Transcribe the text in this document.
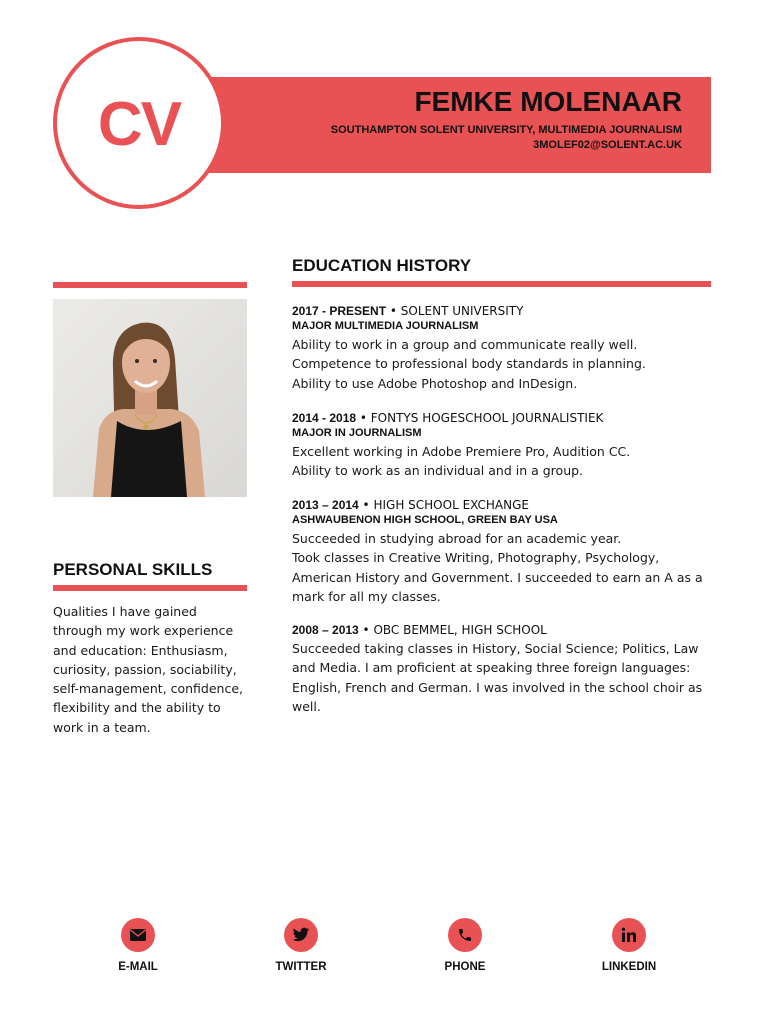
CV	FEMKE MOLENAAR
SOUTHAMPTON SOLENT UNIVERSITY, MULTIMEDIA JOURNALISM
3MOLEF02@SOLENT.AC.UK
PERSONAL SKILLS
Qualities I have gained through my work experience and education: Enthusiasm, curiosity, passion, sociability, self-management, confidence, flexibility and the ability to work in a team.
EDUCATION HISTORY
2017 - PRESENT • SOLENT UNIVERSITY
MAJOR MULTIMEDIA JOURNALISM
Ability to work in a group and communicate really well.
Competence to professional body standards in planning.
Ability to use Adobe Photoshop and InDesign.
2014 - 2018 • FONTYS HOGESCHOOL JOURNALISTIEK
MAJOR IN JOURNALISM
Excellent working in Adobe Premiere Pro, Audition CC.
Ability to work as an individual and in a group.
2013 – 2014 • HIGH SCHOOL EXCHANGE
ASHWAUBENON HIGH SCHOOL, GREEN BAY USA
Succeeded in studying abroad for an academic year.
Took classes in Creative Writing, Photography, Psychology,
American History and Government. I succeeded to earn an A as a
mark for all my classes.
2008 – 2013 • OBC BEMMEL, HIGH SCHOOL
Succeeded taking classes in History, Social Science; Politics, Law
and Media. I am proficient at speaking three foreign languages:
English, French and German. I was involved in the school choir as
well.
E-MAIL	TWITTER	PHONE	LINKEDIN
